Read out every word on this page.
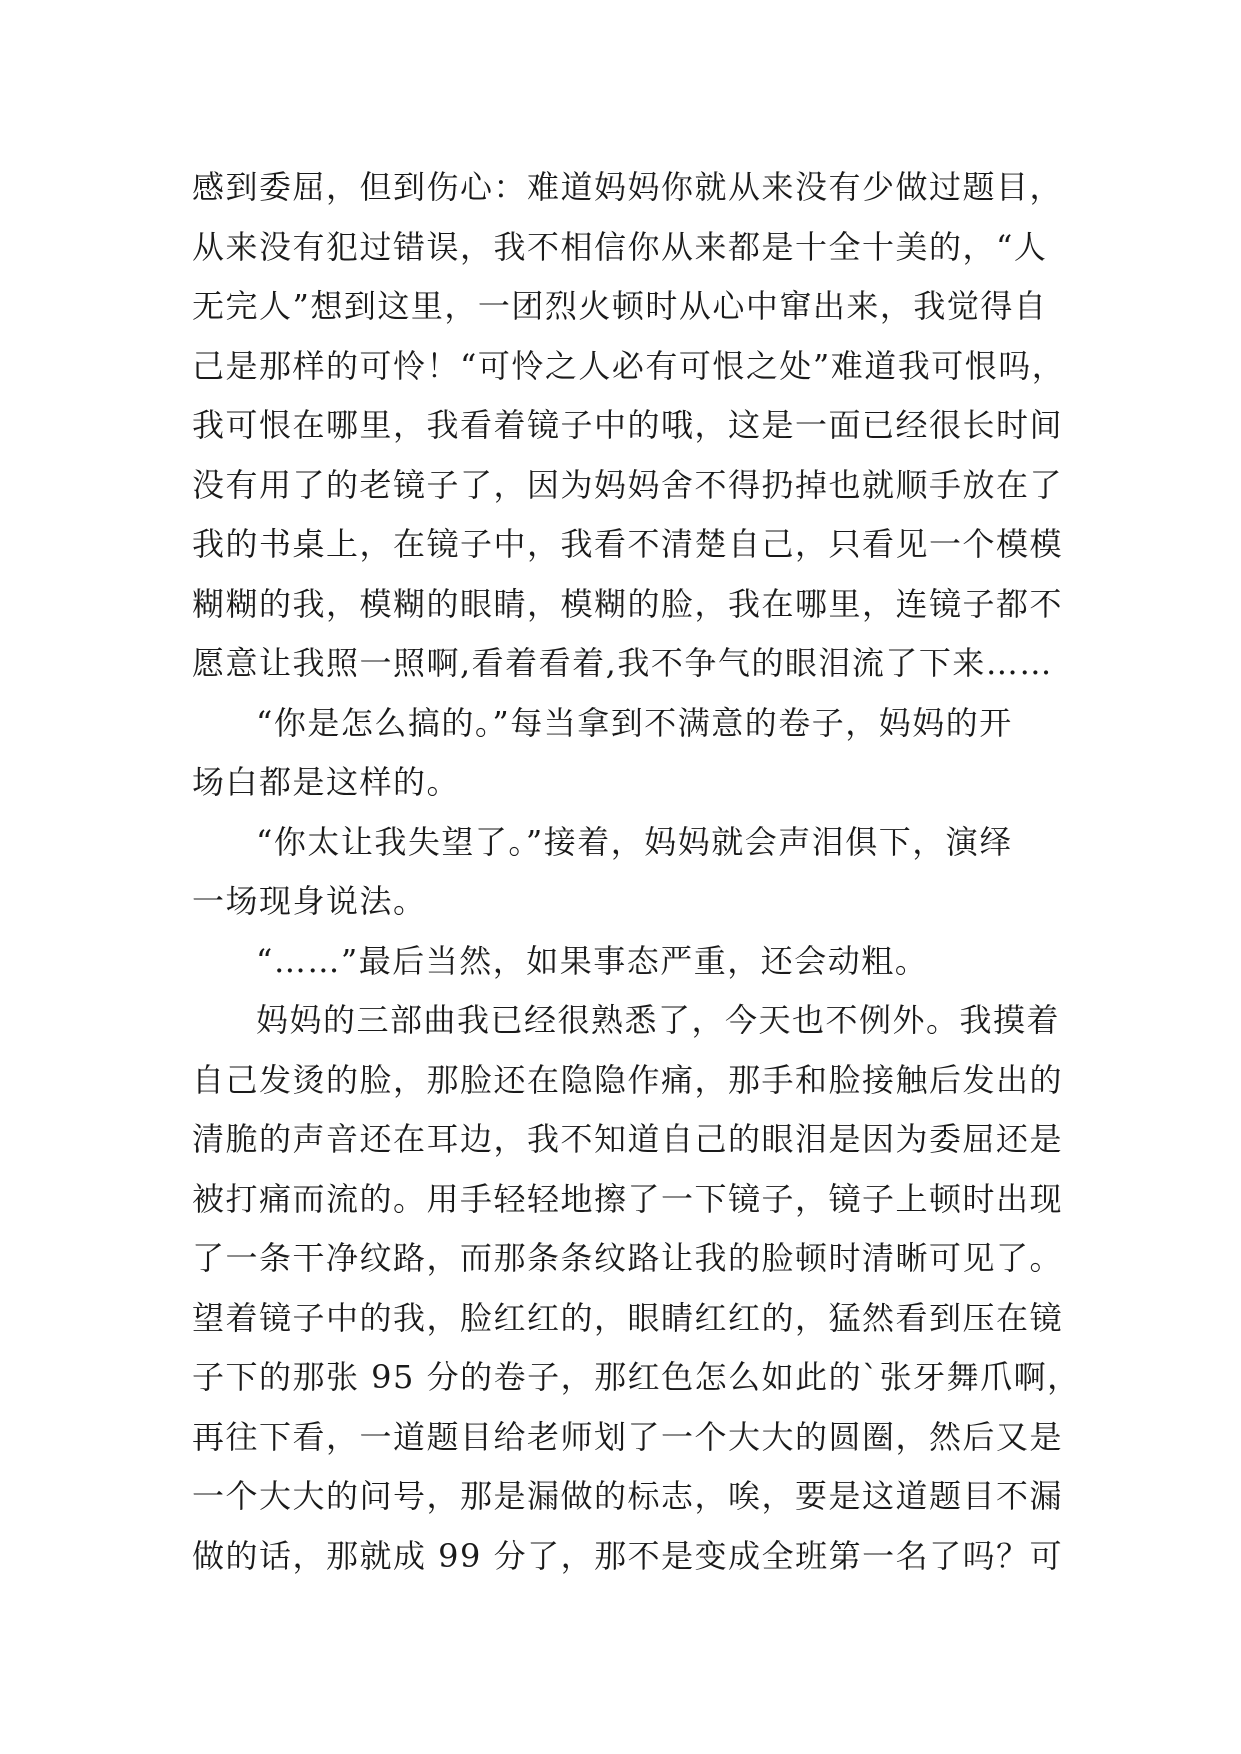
感到委屈，但到伤心：难道妈妈你就从来没有少做过题目，
从来没有犯过错误，我不相信你从来都是十全十美的，“人
无完人”想到这里，一团烈火顿时从心中窜出来，我觉得自
己是那样的可怜！“可怜之人必有可恨之处”难道我可恨吗，
我可恨在哪里，我看着镜子中的哦，这是一面已经很长时间
没有用了的老镜子了，因为妈妈舍不得扔掉也就顺手放在了
我的书桌上，在镜子中，我看不清楚自己，只看见一个模模
糊糊的我，模糊的眼睛，模糊的脸，我在哪里，连镜子都不
愿意让我照一照啊,看着看着,我不争气的眼泪流了下来……
“你是怎么搞的。”每当拿到不满意的卷子，妈妈的开
场白都是这样的。
“你太让我失望了。”接着，妈妈就会声泪俱下，演绎
一场现身说法。
“……”最后当然，如果事态严重，还会动粗。
妈妈的三部曲我已经很熟悉了，今天也不例外。我摸着
自己发烫的脸，那脸还在隐隐作痛，那手和脸接触后发出的
清脆的声音还在耳边，我不知道自己的眼泪是因为委屈还是
被打痛而流的。用手轻轻地擦了一下镜子，镜子上顿时出现
了一条干净纹路，而那条条纹路让我的脸顿时清晰可见了。
望着镜子中的我，脸红红的，眼睛红红的，猛然看到压在镜
子下的那张 95 分的卷子，那红色怎么如此的`张牙舞爪啊，
再往下看，一道题目给老师划了一个大大的圆圈，然后又是
一个大大的问号，那是漏做的标志，唉，要是这道题目不漏
做的话，那就成 99 分了，那不是变成全班第一名了吗？可
